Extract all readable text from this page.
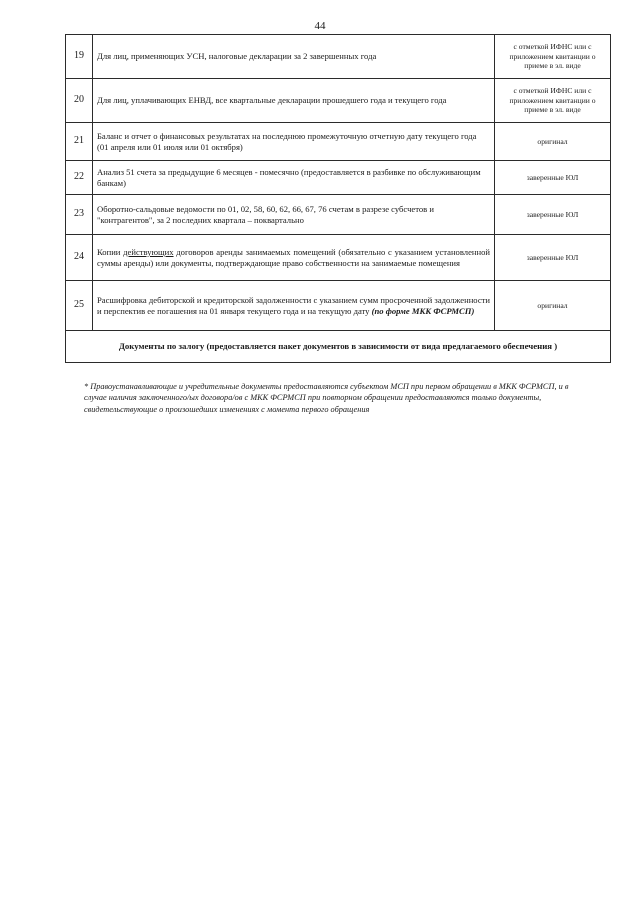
44
19	Для лиц, применяющих УСН, налоговые декларации за 2 завершенных года	с отметкой ИФНС или с приложением квитанции о приеме в эл. виде
20	Для лиц, уплачивающих ЕНВД, все квартальные декларации прошедшего года и текущего года	с отметкой ИФНС или с приложением квитанции о приеме в эл. виде
21	Баланс и отчет о финансовых результатах на последнюю промежуточную отчетную дату текущего года (01 апреля или 01 июля или 01 октября)	оригинал
22	Анализ 51 счета за предыдущие 6 месяцев - помесячно (предоставляется в разбивке по обслуживающим банкам)	заверенные ЮЛ
23	Оборотно-сальдовые ведомости по 01, 02, 58, 60, 62, 66, 67, 76 счетам в разрезе субсчетов и "контрагентов", за 2 последних квартала – поквартально	заверенные ЮЛ
24	Копии действующих договоров аренды занимаемых помещений (обязательно с указанием установленной суммы аренды) или документы, подтверждающие право собственности на занимаемые помещения	заверенные ЮЛ
25	Расшифровка дебиторской и кредиторской задолженности с указанием сумм просроченной задолженности и перспектив ее погашения на 01 января текущего года и на текущую дату (по форме МКК ФСРМСП)	оригинал
Документы по залогу (предоставляется пакет документов в зависимости от вида предлагаемого обеспечения )		
* Правоустанавливающие и учредительные документы предоставляются субъектом МСП при первом обращении в МКК ФСРМСП, и в случае наличия заключенного/ых договора/ов с МКК ФСРМСП при повторном обращении предоставляются только документы, свидетельствующие о произошедших изменениях с момента первого обращения
